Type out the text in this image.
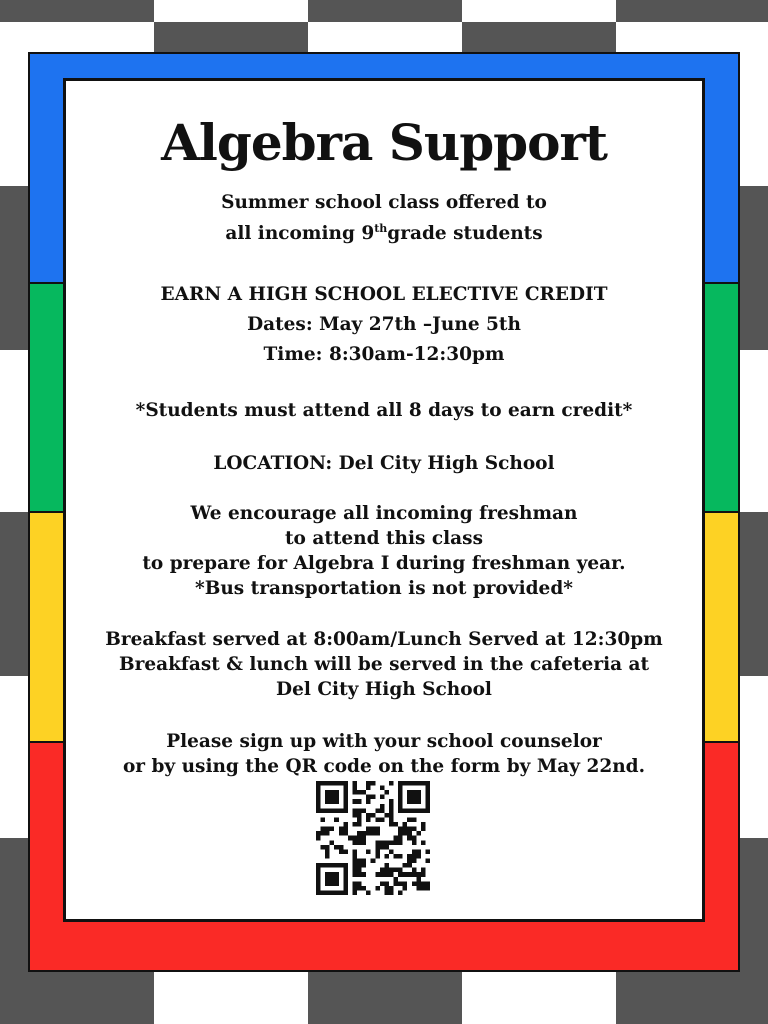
Algebra Support
Summer school class offered to
all incoming 9thgrade students
EARN A HIGH SCHOOL ELECTIVE CREDIT
Dates: May 27th –June 5th
Time: 8:30am-12:30pm
*Students must attend all 8 days to earn credit*
LOCATION: Del City High School
We encourage all incoming freshman
to attend this class
to prepare for Algebra I during freshman year.
*Bus transportation is not provided*
Breakfast served at 8:00am/Lunch Served at 12:30pm
Breakfast & lunch will be served in the cafeteria at
Del City High School
Please sign up with your school counselor
or by using the QR code on the form by May 22nd.
